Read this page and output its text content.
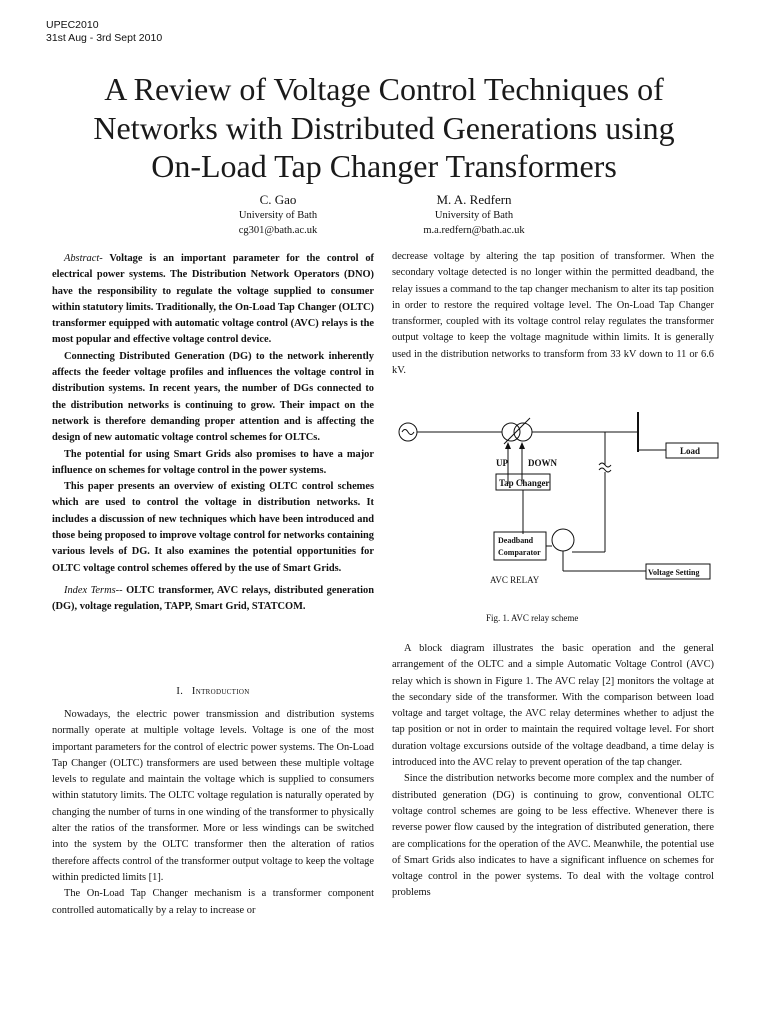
UPEC2010
31st Aug - 3rd Sept 2010
A Review of Voltage Control Techniques of
Networks with Distributed Generations using
On-Load Tap Changer Transformers
C. Gao
University of Bath
cg301@bath.ac.uk
M. A. Redfern
University of Bath
m.a.redfern@bath.ac.uk

Abstract- Voltage is an important parameter for the control of electrical power systems. The Distribution Network Operators (DNO) have the responsibility to regulate the voltage supplied to consumer within statutory limits. Traditionally, the On-Load Tap Changer (OLTC) transformer equipped with automatic voltage control (AVC) relays is the most popular and effective voltage control device.

Connecting Distributed Generation (DG) to the network inherently affects the feeder voltage profiles and influences the voltage control in distribution systems. In recent years, the number of DGs connected to the distribution networks is continuing to grow. Their impact on the network is therefore demanding proper attention and is affecting the design of new automatic voltage control schemes for OLTCs.

The potential for using Smart Grids also promises to have a major influence on schemes for voltage control in the power systems.

This paper presents an overview of existing OLTC control schemes which are used to control the voltage in distribution networks. It includes a discussion of new techniques which have been introduced and those being proposed to improve voltage control for networks containing various levels of DG. It also examines the potential opportunities for OLTC voltage control schemes offered by the use of Smart Grids.

Index Terms-- OLTC transformer, AVC relays, distributed generation (DG), voltage regulation, TAPP, Smart Grid, STATCOM.

I. Introduction

Nowadays, the electric power transmission and distribution systems normally operate at multiple voltage levels. Voltage is one of the most important parameters for the control of electric power systems. The On-Load Tap Changer (OLTC) transformers are used between these multiple voltage levels to regulate and maintain the voltage which is supplied to consumers within statutory limits. The OLTC voltage regulation is naturally operated by changing the number of turns in one winding of the transformer to physically alter the ratios of the transformer. More or less windings can be switched into the system by the OLTC transformer then the alteration of ratios therefore affects control of the transformer output voltage to keep the voltage within predicted limits [1].

The On-Load Tap Changer mechanism is a transformer component controlled automatically by a relay to increase or

decrease voltage by altering the tap position of transformer. When the secondary voltage detected is no longer within the permitted deadband, the relay issues a command to the tap changer mechanism to alter its tap position in order to restore the required voltage level. The On-Load Tap Changer transformer, coupled with its voltage control relay regulates the transformer output voltage to keep the voltage magnitude within limits. It is generally used in the distribution networks to transform from 33 kV down to 11 or 6.6 kV.

UP DOWN
Load
Tap Changer
Deadband
Comparator
AVC RELAY
Voltage Setting
Fig. 1. AVC relay scheme

A block diagram illustrates the basic operation and the general arrangement of the OLTC and a simple Automatic Voltage Control (AVC) relay which is shown in Figure 1. The AVC relay [2] monitors the voltage at the secondary side of the transformer. With the comparison between load voltage and target voltage, the AVC relay determines whether to adjust the tap position or not in order to maintain the required voltage level. For short duration voltage excursions outside of the voltage deadband, a time delay is introduced into the AVC relay to prevent operation of the tap changer.

Since the distribution networks become more complex and the number of distributed generation (DG) is continuing to grow, conventional OLTC voltage control schemes are going to be less effective. Whenever there is reverse power flow caused by the integration of distributed generation, there are complications for the operation of the AVC. Meanwhile, the potential use of Smart Grids also indicates to have a significant influence on schemes for voltage control in the power systems. To deal with the voltage control problems
